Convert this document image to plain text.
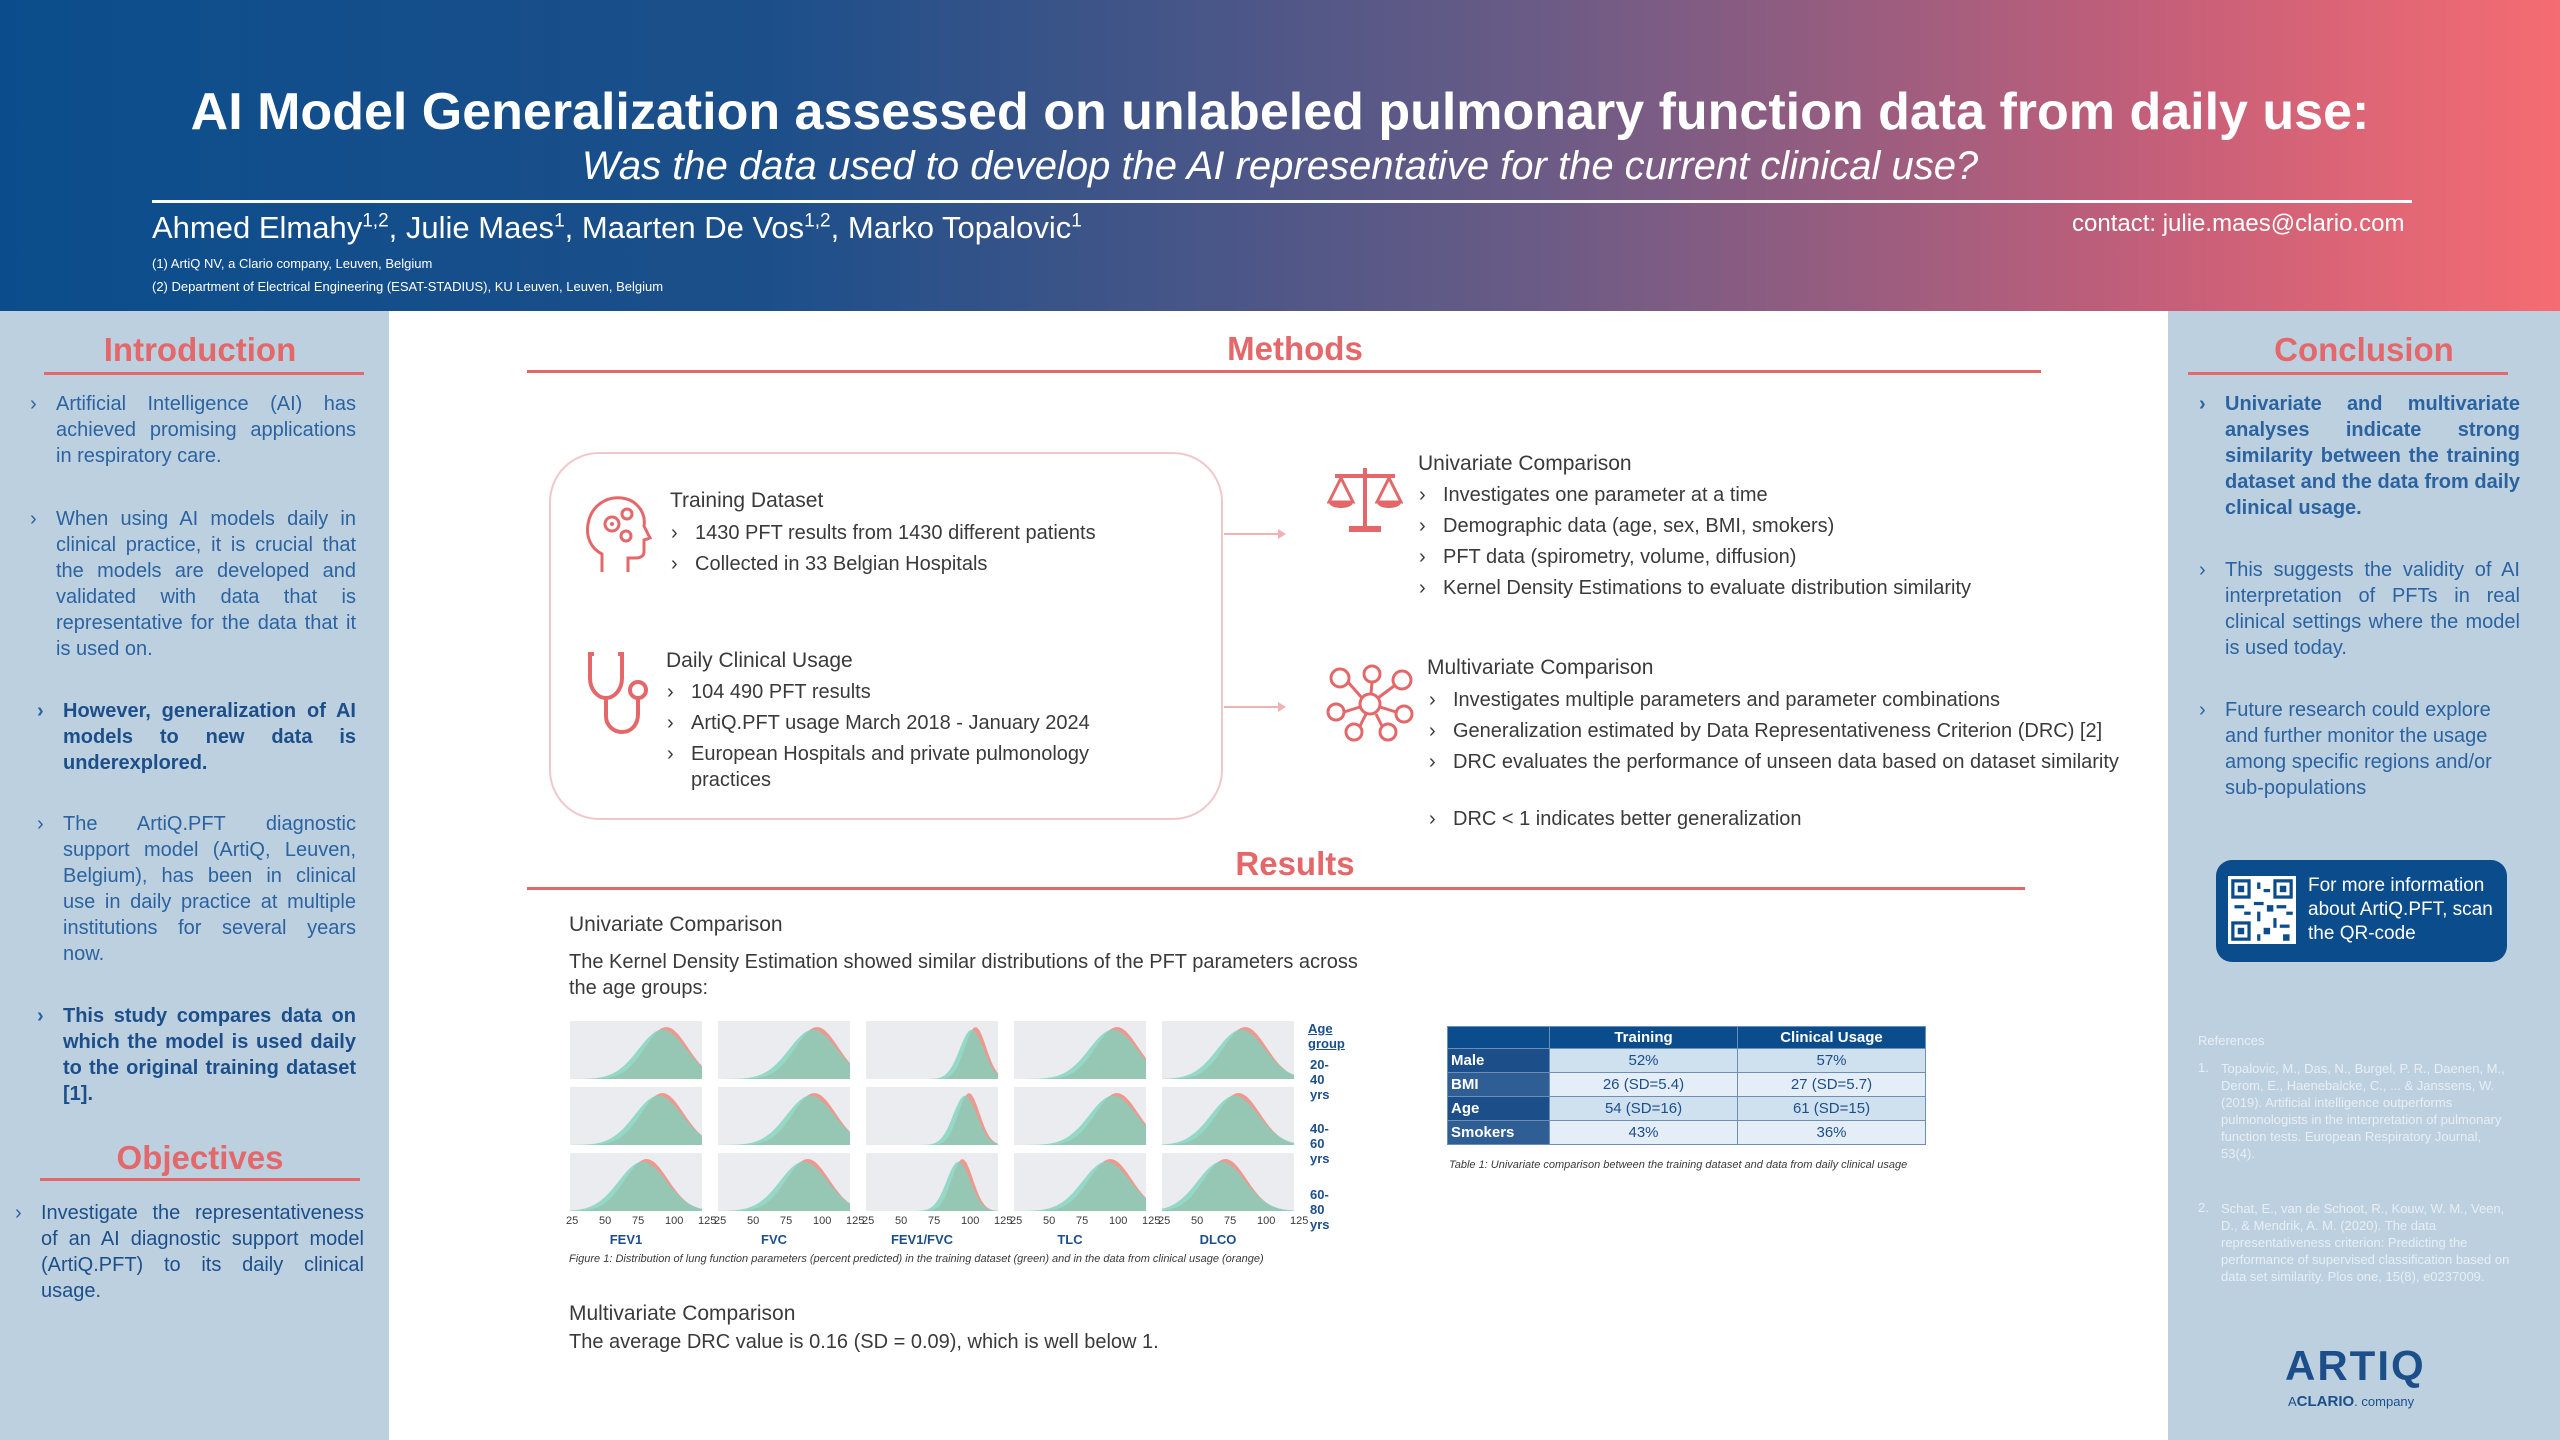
AI Model Generalization assessed on unlabeled pulmonary function data from daily use:
Was the data used to develop the AI representative for the current clinical use?
Ahmed Elmahy$^{1,2}$, Julie Maes$^1$, Maarten De Vos$^{1,2}$, Marko Topalovic$^1$
(1) ArtiQ NV, a Clario company, Leuven, Belgium
(2) Department of Electrical Engineering (ESAT-STADIUS), KU Leuven, Leuven, Belgium
contact: julie.maes@clario.com
Introduction
› Artificial Intelligence (AI) has achieved promising applications in respiratory care.
› When using AI models daily in clinical practice, it is crucial that the models are developed and validated with data that is representative for the data that it is used on.
› However, generalization of AI models to new data is underexplored.
› The ArtiQ.PFT diagnostic support model (ArtiQ, Leuven, Belgium), has been in clinical use in daily practice at multiple institutions for several years now.
› This study compares data on which the model is used daily to the original training dataset [1].
Objectives
› Investigate the representativeness of an AI diagnostic support model (ArtiQ.PFT) to its daily clinical usage.
Methods
Training Dataset
› 1430 PFT results from 1430 different patients
› Collected in 33 Belgian Hospitals
Daily Clinical Usage
› 104 490 PFT results
› ArtiQ.PFT usage March 2018 - January 2024
› European Hospitals and private pulmonology practices
Univariate Comparison
› Investigates one parameter at a time
› Demographic data (age, sex, BMI, smokers)
› PFT data (spirometry, volume, diffusion)
› Kernel Density Estimations to evaluate distribution similarity
Multivariate Comparison
› Investigates multiple parameters and parameter combinations
› Generalization estimated by Data Representativeness Criterion (DRC) [2]
› DRC evaluates the performance of unseen data based on dataset similarity
› DRC < 1 indicates better generalization
Results
Univariate Comparison
The Kernel Density Estimation showed similar distributions of the PFT parameters across the age groups:
Age group
20-40 yrs
40-60 yrs
60-80 yrs
25 50 75 100 125
FEV1
25 50 75 100 125
FVC
25 50 75 100 125
FEV1/FVC
25 50 75 100 125
TLC
25 50 75 100 125
DLCO
Figure 1: Distribution of lung function parameters (percent predicted) in the training dataset (green) and in the data from clinical usage (orange)
Multivariate Comparison
The average DRC value is 0.16 (SD = 0.09), which is well below 1.
	Training	Clinical Usage
Male	52%	57%
BMI	26 (SD=5.4)	27 (SD=5.7)
Age	54 (SD=16)	61 (SD=15)
Smokers	43%	36%
Table 1: Univariate comparison between the training dataset and data from daily clinical usage
Conclusion
› Univariate and multivariate analyses indicate strong similarity between the training dataset and the data from daily clinical usage.
› This suggests the validity of AI interpretation of PFTs in real clinical settings where the model is used today.
› Future research could explore and further monitor the usage among specific regions and/or sub-populations
For more information about ArtiQ.PFT, scan the QR-code
References
1. Topalovic, M., Das, N., Burgel, P. R., Daenen, M., Derom, E., Haenebalcke, C., ... & Janssens, W. (2019). Artificial intelligence outperforms pulmonologists in the interpretation of pulmonary function tests. European Respiratory Journal, 53(4).
2. Schat, E., van de Schoot, R., Kouw, W. M., Veen, D., & Mendrik, A. M. (2020). The data representativeness criterion: Predicting the performance of supervised classification based on data set similarity. Plos one, 15(8), e0237009.
ARTIQ
ACLARIO. company
